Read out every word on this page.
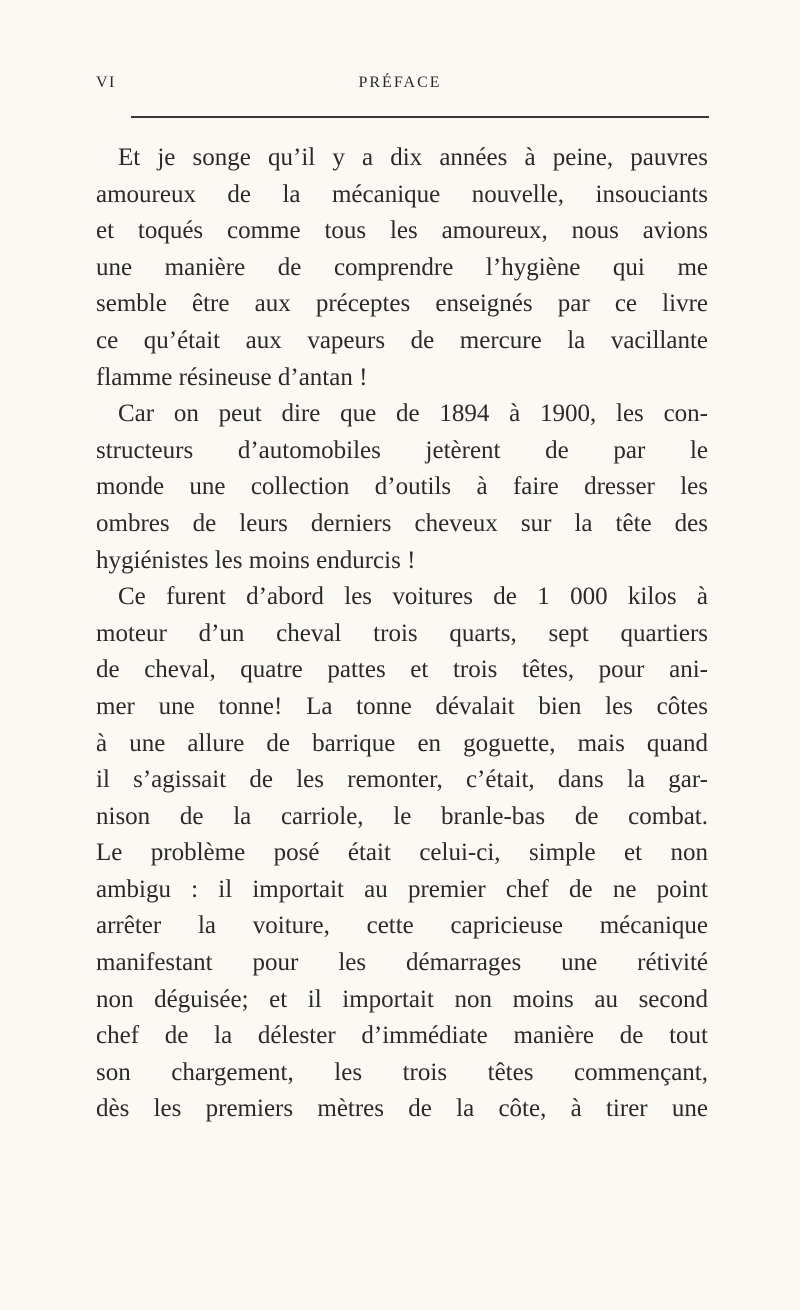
VI	PRÉFACE
Et je songe qu’il y a dix années à peine, pauvres
amoureux de la mécanique nouvelle, insouciants
et toqués comme tous les amoureux, nous avions
une manière de comprendre l’hygiène qui me
semble être aux préceptes enseignés par ce livre
ce qu’était aux vapeurs de mercure la vacillante
flamme résineuse d’antan !
Car on peut dire que de 1894 à 1900, les con-
structeurs d’automobiles jetèrent de par le
monde une collection d’outils à faire dresser les
ombres de leurs derniers cheveux sur la tête des
hygiénistes les moins endurcis !
Ce furent d’abord les voitures de 1 000 kilos à
moteur d’un cheval trois quarts, sept quartiers
de cheval, quatre pattes et trois têtes, pour ani-
mer une tonne! La tonne dévalait bien les côtes
à une allure de barrique en goguette, mais quand
il s’agissait de les remonter, c’était, dans la gar-
nison de la carriole, le branle-bas de combat.
Le problème posé était celui-ci, simple et non
ambigu : il importait au premier chef de ne point
arrêter la voiture, cette capricieuse mécanique
manifestant pour les démarrages une rétivité
non déguisée; et il importait non moins au second
chef de la délester d’immédiate manière de tout
son chargement, les trois têtes commençant,
dès les premiers mètres de la côte, à tirer une
